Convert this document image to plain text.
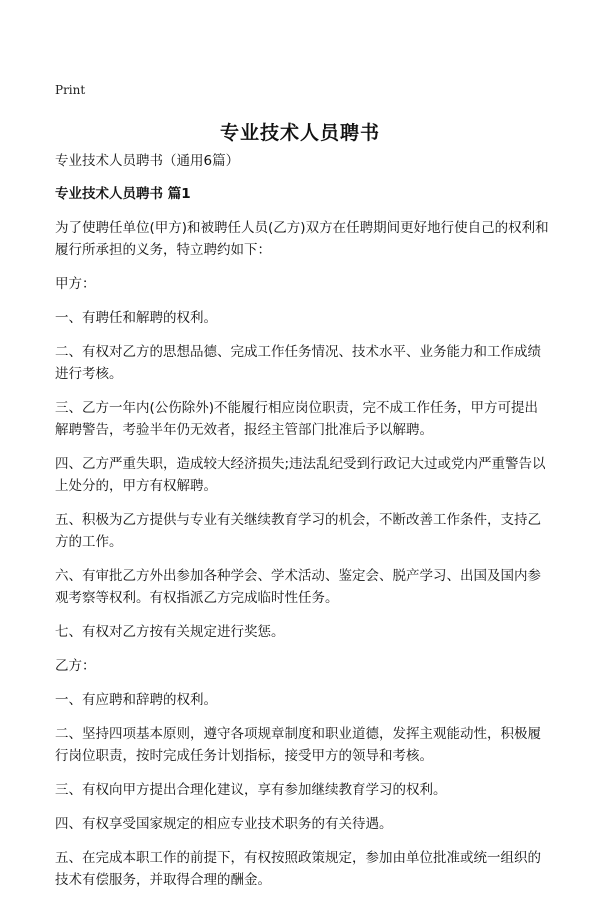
Print
专业技术人员聘书

专业技术人员聘书（通用6篇）

专业技术人员聘书 篇1

为了使聘任单位(甲方)和被聘任人员(乙方)双方在任聘期间更好地行使自己的权利和履行所承担的义务，特立聘约如下：

甲方：

一、有聘任和解聘的权利。

二、有权对乙方的思想品德、完成工作任务情况、技术水平、业务能力和工作成绩进行考核。

三、乙方一年内(公伤除外)不能履行相应岗位职责，完不成工作任务，甲方可提出解聘警告，考验半年仍无效者，报经主管部门批准后予以解聘。

四、乙方严重失职，造成较大经济损失;违法乱纪受到行政记大过或党内严重警告以上处分的，甲方有权解聘。

五、积极为乙方提供与专业有关继续教育学习的机会，不断改善工作条件，支持乙方的工作。

六、有审批乙方外出参加各种学会、学术活动、鉴定会、脱产学习、出国及国内参观考察等权利。有权指派乙方完成临时性任务。

七、有权对乙方按有关规定进行奖惩。

乙方：

一、有应聘和辞聘的权利。

二、坚持四项基本原则，遵守各项规章制度和职业道德，发挥主观能动性，积极履行岗位职责，按时完成任务计划指标，接受甲方的领导和考核。

三、有权向甲方提出合理化建议，享有参加继续教育学习的权利。

四、有权享受国家规定的相应专业技术职务的有关待遇。

五、在完成本职工作的前提下，有权按照政策规定，参加由单位批准或统一组织的技术有偿服务，并取得合理的酬金。
